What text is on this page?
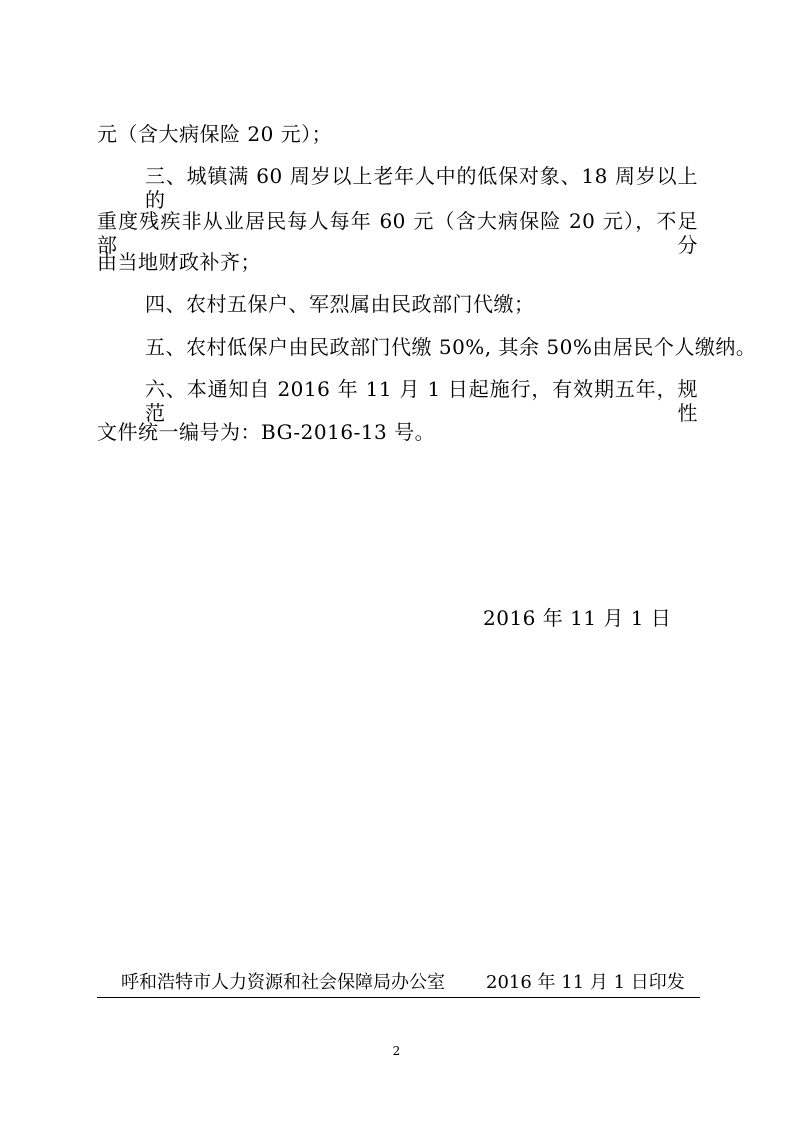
元（含大病保险 20 元）；
三、城镇满 60 周岁以上老年人中的低保对象、18 周岁以上的
重度残疾非从业居民每人每年 60 元（含大病保险 20 元），不足部分
由当地财政补齐；
四、农村五保户、军烈属由民政部门代缴；
五、农村低保户由民政部门代缴 50%, 其余 50%由居民个人缴纳。
六、本通知自 2016 年 11 月 1 日起施行，有效期五年，规范性
文件统一编号为：BG-2016-13 号。
2016 年 11 月 1 日
呼和浩特市人力资源和社会保障局办公室 2016 年 11 月 1 日印发
2
